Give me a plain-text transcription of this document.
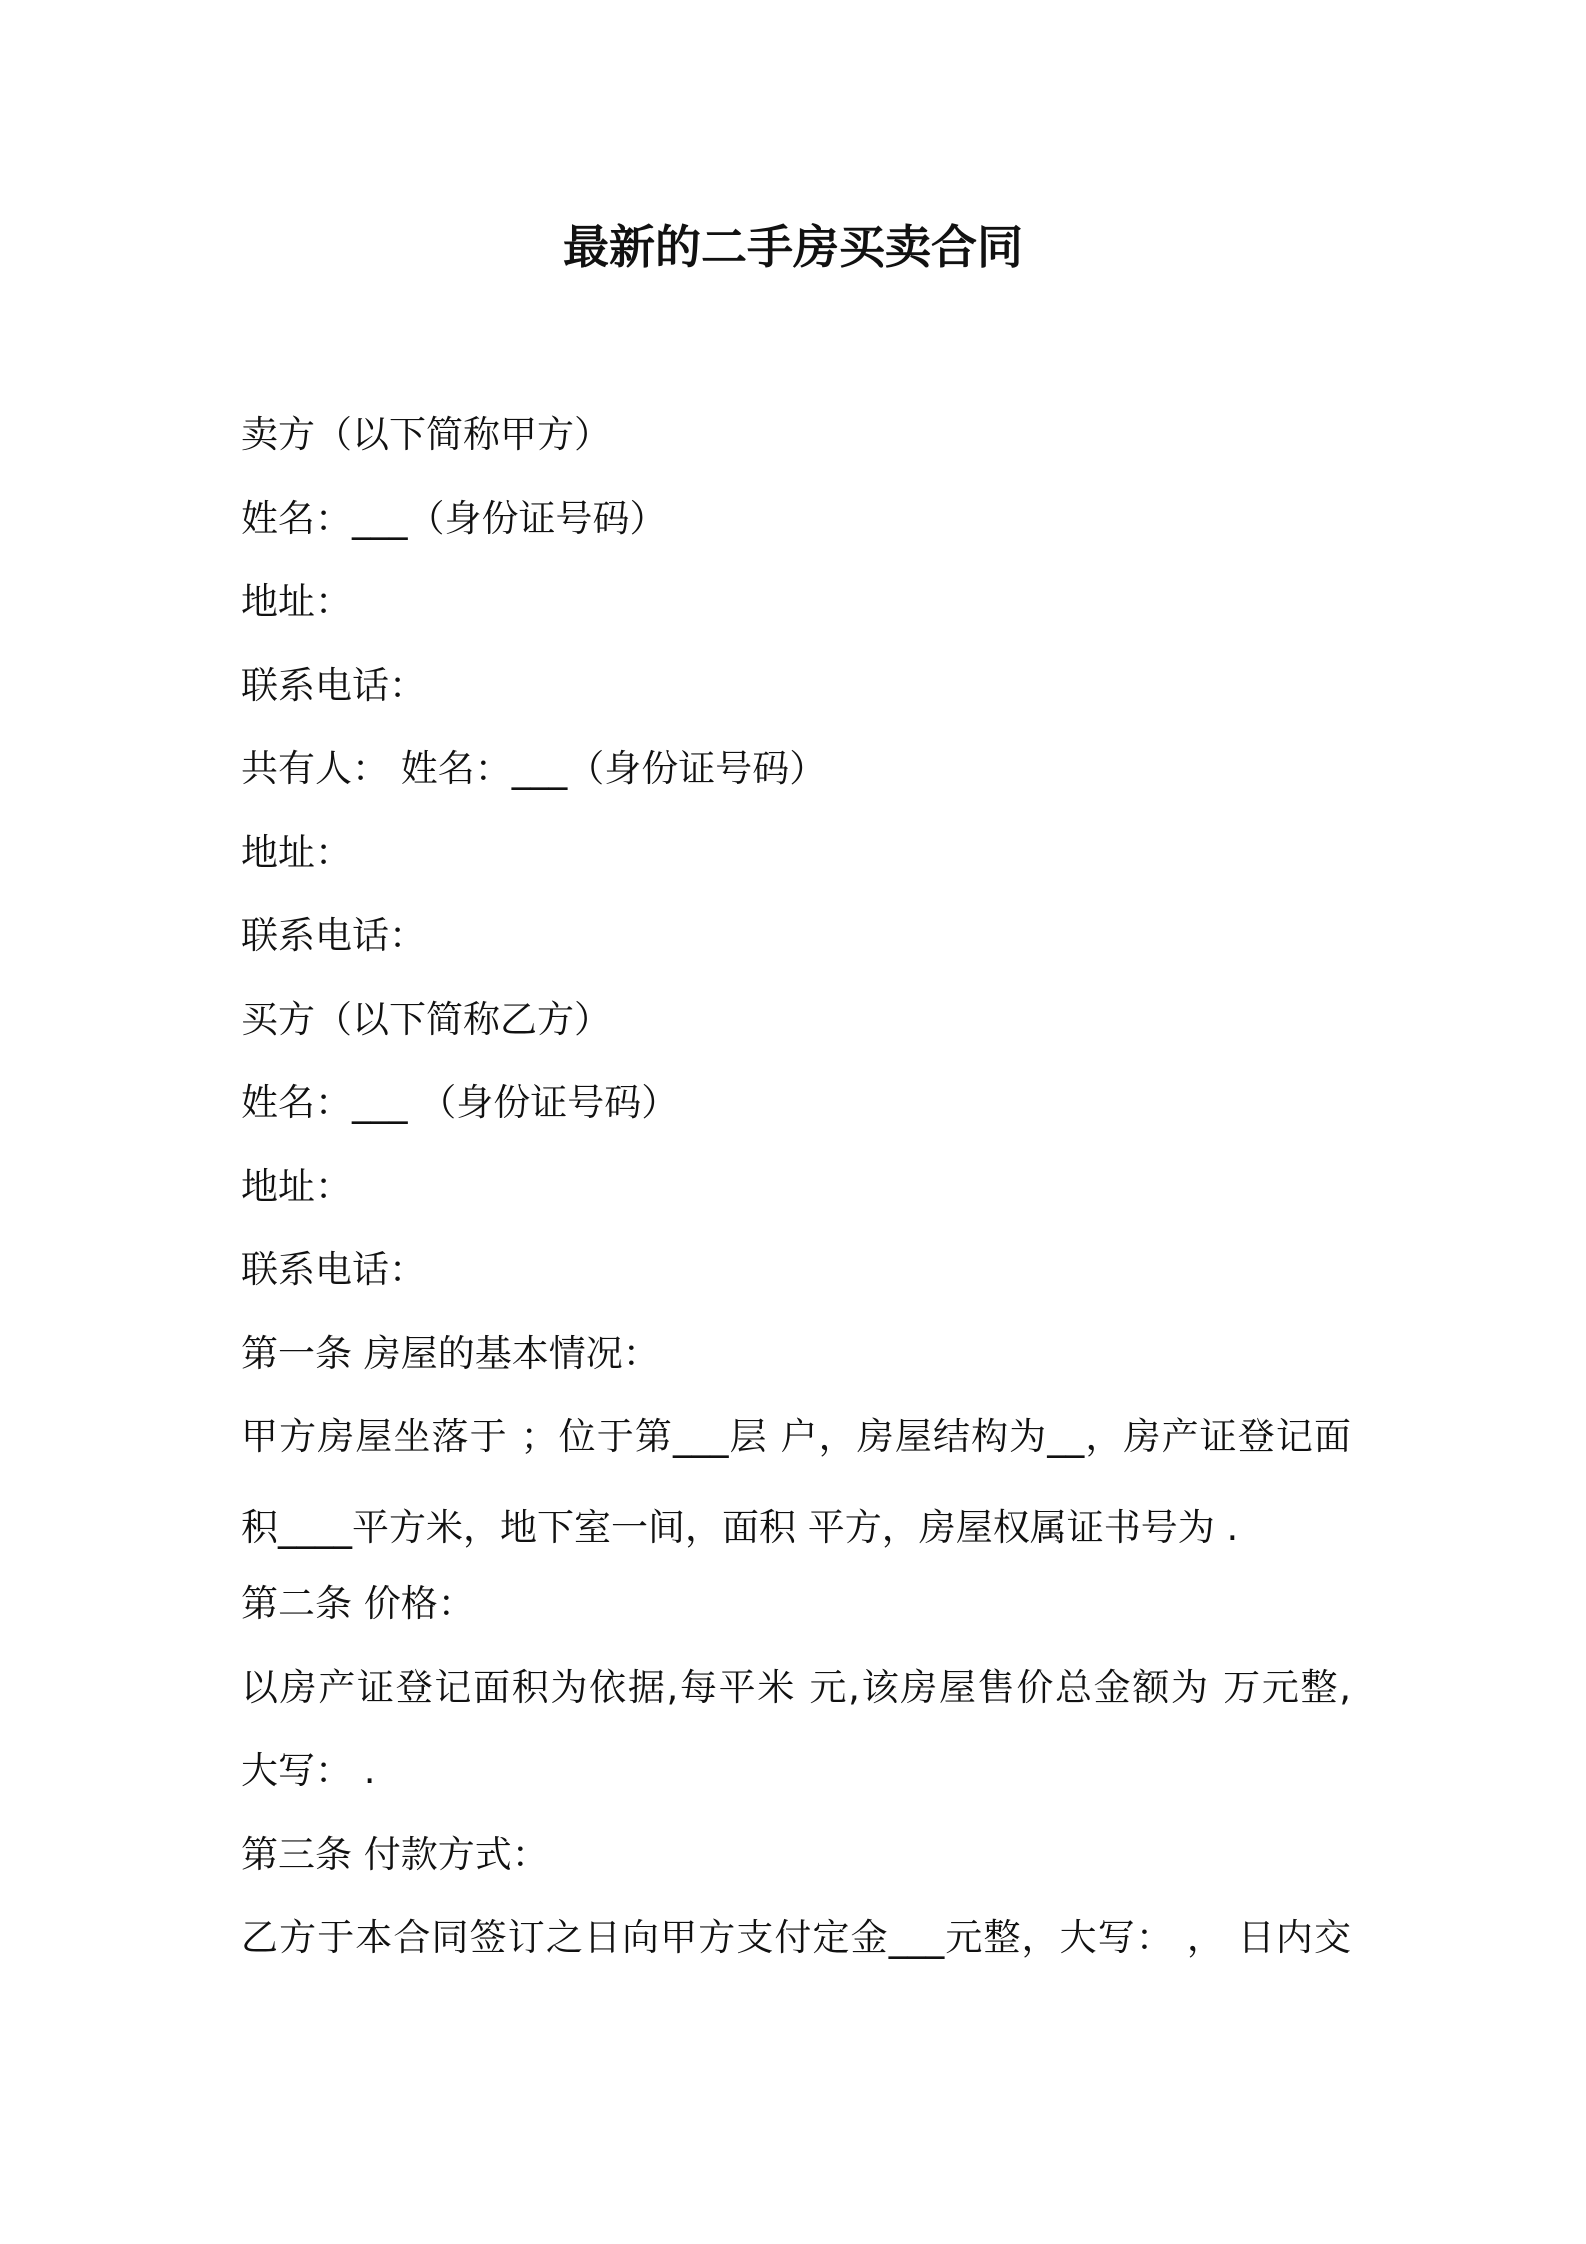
最新的二手房买卖合同
卖方（以下简称甲方）
姓名：___（身份证号码）
地址：
联系电话：
共有人： 姓名：___（身份证号码）
地址：
联系电话：
买方（以下简称乙方）
姓名：___ （身份证号码）
地址：
联系电话：
第一条 房屋的基本情况：
甲方房屋坐落于 ；位于第___层 户，房屋结构为__，房产证登记面
积____平方米，地下室一间，面积 平方，房屋权属证书号为 .
第二条 价格：
以房产证登记面积为依据,每平米 元,该房屋售价总金额为 万元整,
大写： .
第三条 付款方式：
乙方于本合同签订之日向甲方支付定金___元整，大写： ， 日内交
